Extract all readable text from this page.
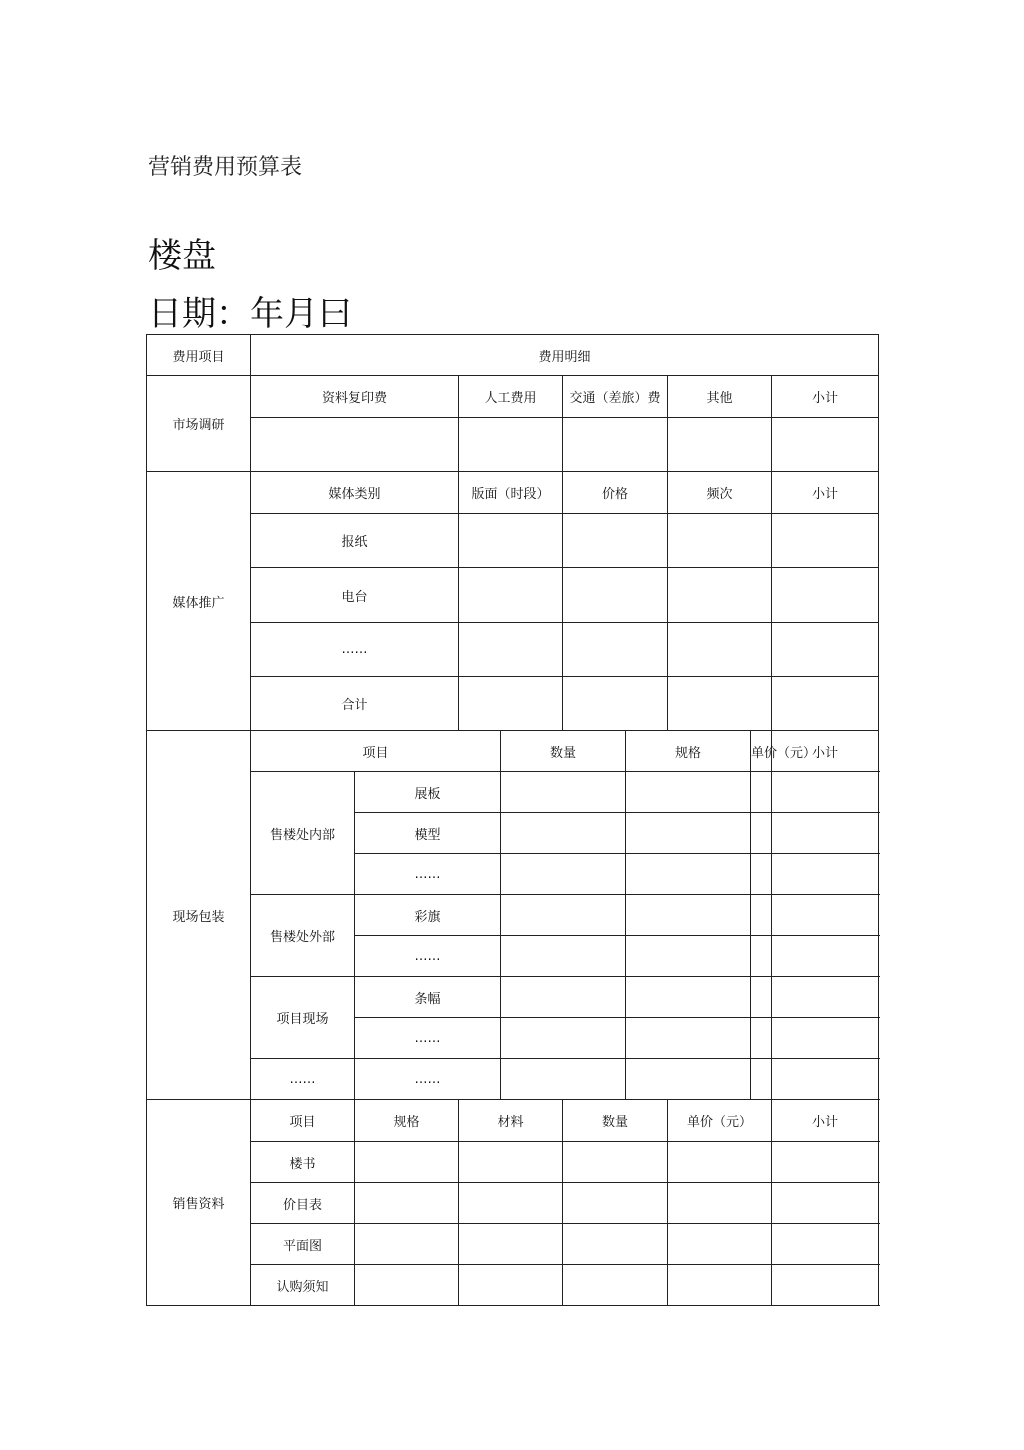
营销费用预算表
楼盘
日期：年月曰
费用项目	费用明细								
市场调研	资料复印费		人工费用		交通（差旅）费		其他		小计

媒体推广	媒体类别		版面（时段）		价格		频次		小计
	报纸								
	电台								
	……								
	合计								
现场包装	项目			数量		规格		单价（元）	小计
	售楼处内部	展板							
		模型							
		……							
	售楼处外部	彩旗							
		……							
	项目现场	条幅							
		……							
	……	……							
销售资料	项目	规格	材料		数量		单价（元）		小计
	楼书								
	价目表								
	平面图								
	认购须知								
